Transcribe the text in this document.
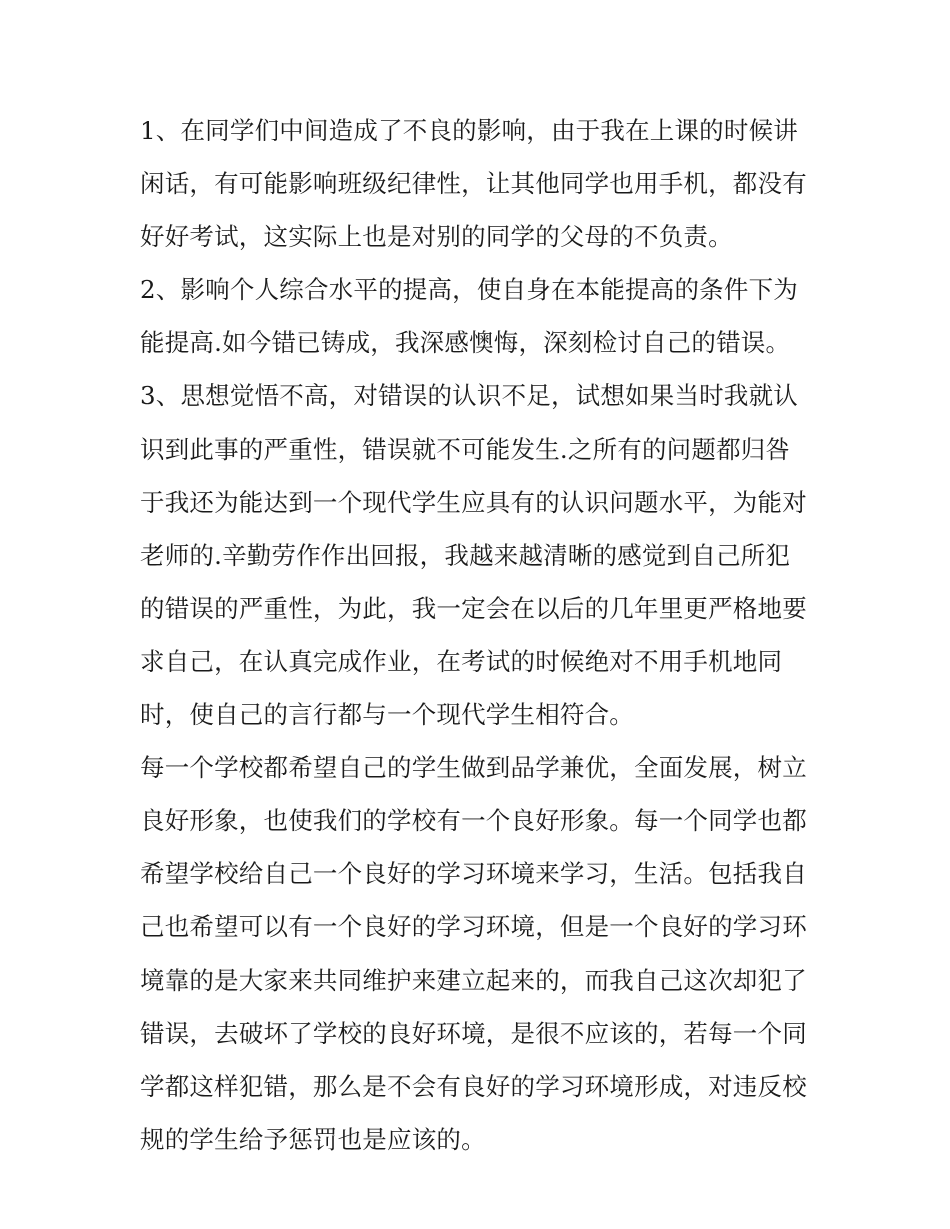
1、在同学们中间造成了不良的影响，由于我在上课的时候讲
闲话，有可能影响班级纪律性，让其他同学也用手机，都没有
好好考试，这实际上也是对别的同学的父母的不负责。
2、影响个人综合水平的提高，使自身在本能提高的条件下为
能提高.如今错已铸成，我深感懊悔，深刻检讨自己的错误。
3、思想觉悟不高，对错误的认识不足，试想如果当时我就认
识到此事的严重性，错误就不可能发生.之所有的问题都归咎
于我还为能达到一个现代学生应具有的认识问题水平，为能对
老师的.辛勤劳作作出回报，我越来越清晰的感觉到自己所犯
的错误的严重性，为此，我一定会在以后的几年里更严格地要
求自己，在认真完成作业，在考试的时候绝对不用手机地同
时，使自己的言行都与一个现代学生相符合。
每一个学校都希望自己的学生做到品学兼优，全面发展，树立
良好形象，也使我们的学校有一个良好形象。每一个同学也都
希望学校给自己一个良好的学习环境来学习，生活。包括我自
己也希望可以有一个良好的学习环境，但是一个良好的学习环
境靠的是大家来共同维护来建立起来的，而我自己这次却犯了
错误，去破坏了学校的良好环境，是很不应该的，若每一个同
学都这样犯错，那么是不会有良好的学习环境形成，对违反校
规的学生给予惩罚也是应该的。
